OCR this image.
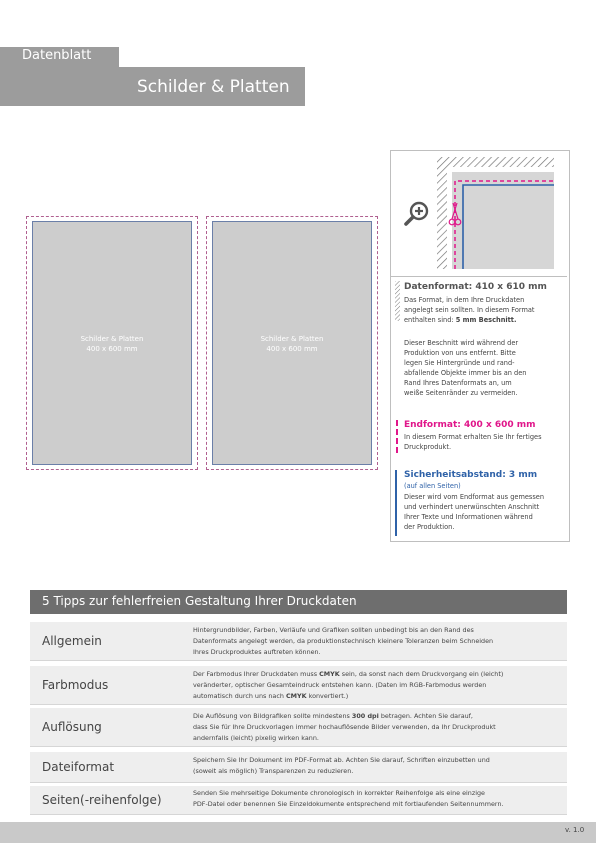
Datenblatt
Schilder & Platten
Schilder & Platten
400 x 600 mm
Schilder & Platten
400 x 600 mm
Datenformat: 410 x 610 mm
Das Format, in dem Ihre Druckdaten
angelegt sein sollten. In diesem Format
enthalten sind: 5 mm Beschnitt.
Dieser Beschnitt wird während der
Produktion von uns entfernt. Bitte
legen Sie Hintergründe und rand-
abfallende Objekte immer bis an den
Rand Ihres Datenformats an, um
weiße Seitenränder zu vermeiden.
Endformat: 400 x 600 mm
In diesem Format erhalten Sie Ihr fertiges
Druckprodukt.
Sicherheitsabstand: 3 mm
(auf allen Seiten)
Dieser wird vom Endformat aus gemessen
und verhindert unerwünschten Anschnitt
Ihrer Texte und Informationen während
der Produktion.
5 Tipps zur fehlerfreien Gestaltung Ihrer Druckdaten
Allgemein
Hintergrundbilder, Farben, Verläufe und Grafiken sollten unbedingt bis an den Rand des
Datenformats angelegt werden, da produktionstechnisch kleinere Toleranzen beim Schneiden
Ihres Druckproduktes auftreten können.
Farbmodus
Der Farbmodus Ihrer Druckdaten muss CMYK sein, da sonst nach dem Druckvorgang ein (leicht)
veränderter, optischer Gesamteindruck entstehen kann. (Daten im RGB-Farbmodus werden
automatisch durch uns nach CMYK konvertiert.)
Auflösung
Die Auflösung von Bildgrafiken sollte mindestens 300 dpi betragen. Achten Sie darauf,
dass Sie für Ihre Druckvorlagen immer hochauflösende Bilder verwenden, da Ihr Druckprodukt
andernfalls (leicht) pixelig wirken kann.
Dateiformat	Speichern Sie Ihr Dokument im PDF-Format ab. Achten Sie darauf, Schriften einzubetten und
(soweit als möglich) Transparenzen zu reduzieren.
Seiten(-reihenfolge)	Senden Sie mehrseitige Dokumente chronologisch in korrekter Reihenfolge als eine einzige
PDF-Datei oder benennen Sie Einzeldokumente entsprechend mit fortlaufenden Seitennummern.
v. 1.0
